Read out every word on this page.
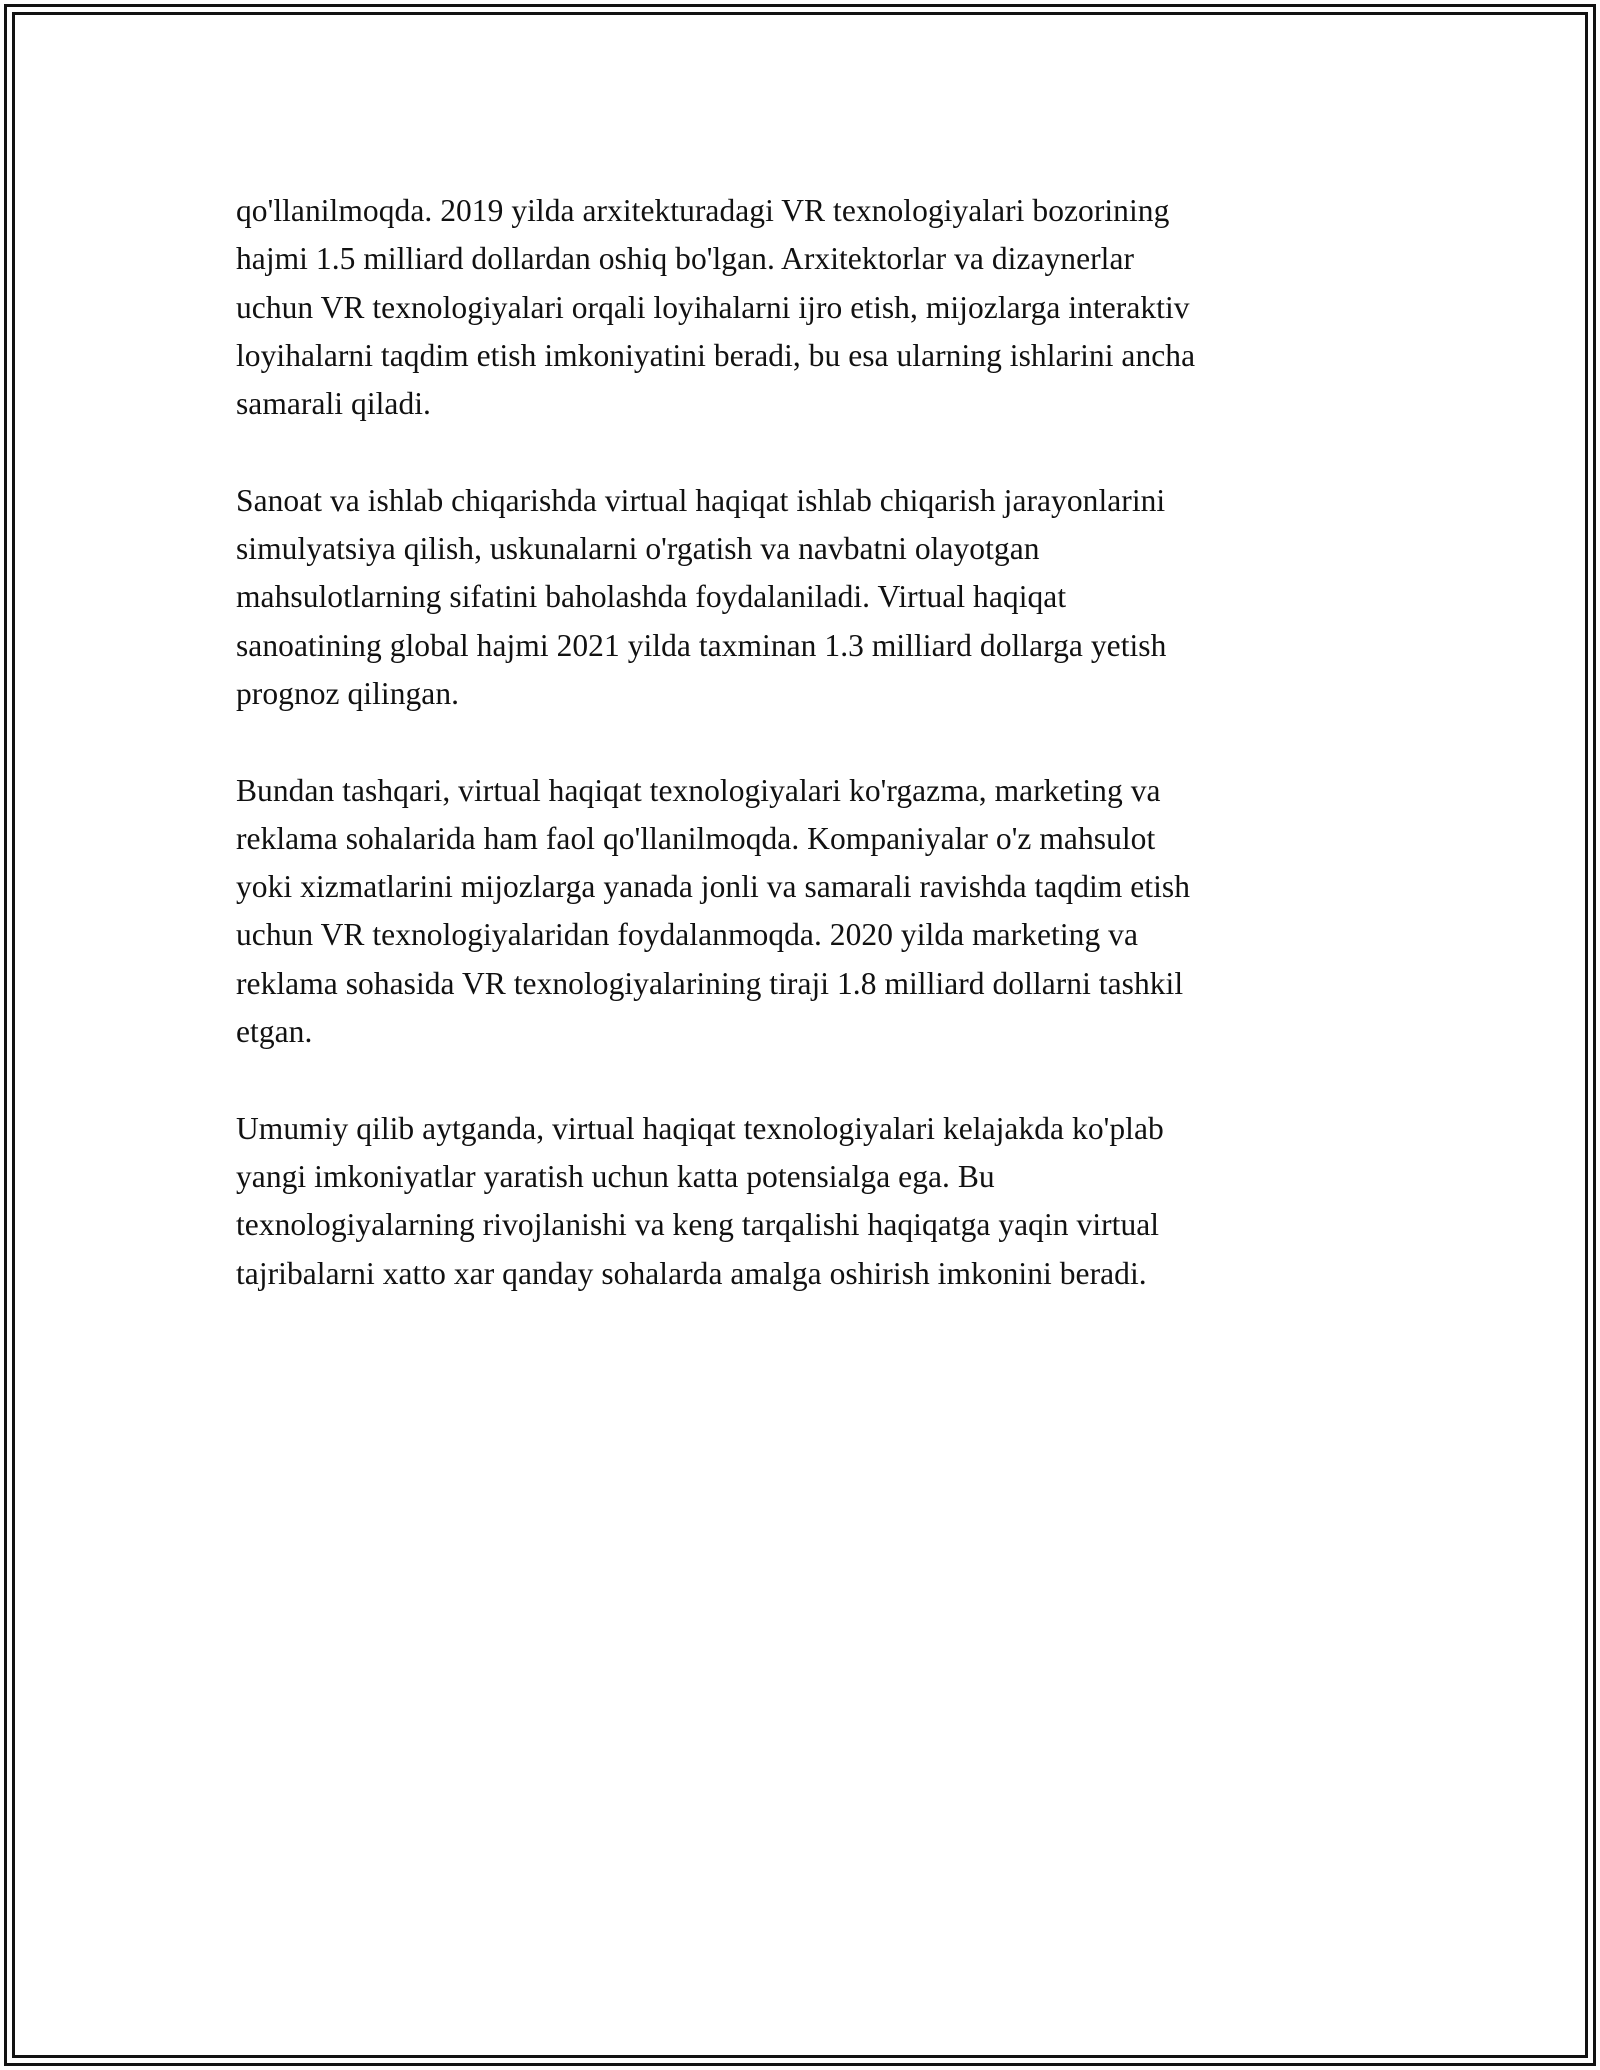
qo'llanilmoqda. 2019 yilda arxitekturadagi VR texnologiyalari bozorining
hajmi 1.5 milliard dollardan oshiq bo'lgan. Arxitektorlar va dizaynerlar
uchun VR texnologiyalari orqali loyihalarni ijro etish, mijozlarga interaktiv
loyihalarni taqdim etish imkoniyatini beradi, bu esa ularning ishlarini ancha
samarali qiladi.
Sanoat va ishlab chiqarishda virtual haqiqat ishlab chiqarish jarayonlarini
simulyatsiya qilish, uskunalarni o'rgatish va navbatni olayotgan
mahsulotlarning sifatini baholashda foydalaniladi. Virtual haqiqat
sanoatining global hajmi 2021 yilda taxminan 1.3 milliard dollarga yetish
prognoz qilingan.
Bundan tashqari, virtual haqiqat texnologiyalari ko'rgazma, marketing va
reklama sohalarida ham faol qo'llanilmoqda. Kompaniyalar o'z mahsulot
yoki xizmatlarini mijozlarga yanada jonli va samarali ravishda taqdim etish
uchun VR texnologiyalaridan foydalanmoqda. 2020 yilda marketing va
reklama sohasida VR texnologiyalarining tiraji 1.8 milliard dollarni tashkil
etgan.
Umumiy qilib aytganda, virtual haqiqat texnologiyalari kelajakda ko'plab
yangi imkoniyatlar yaratish uchun katta potensialga ega. Bu
texnologiyalarning rivojlanishi va keng tarqalishi haqiqatga yaqin virtual
tajribalarni xatto xar qanday sohalarda amalga oshirish imkonini beradi.
